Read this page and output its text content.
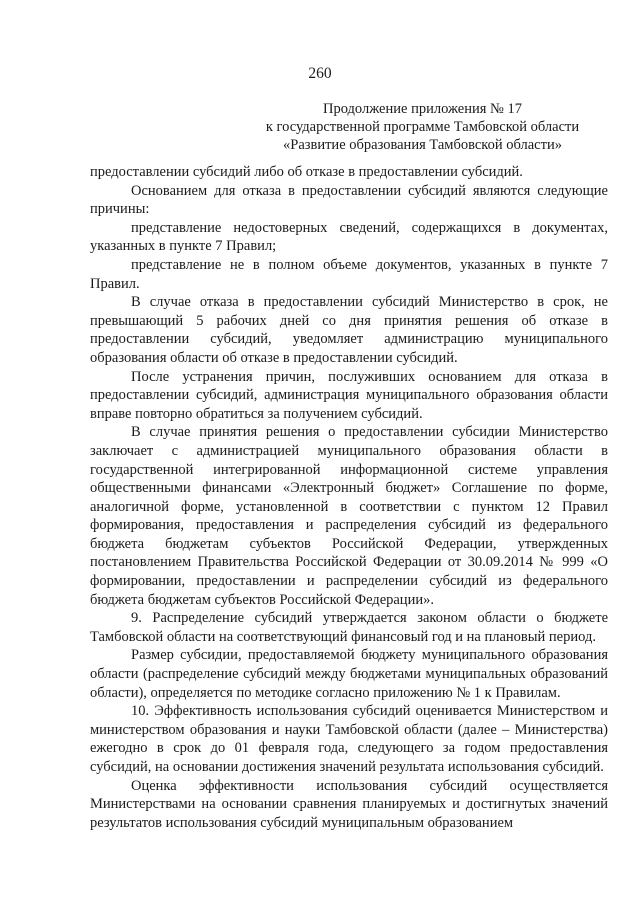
260
Продолжение приложения № 17
к государственной программе Тамбовской области
«Развитие образования Тамбовской области»

предоставлении субсидий либо об отказе в предоставлении субсидий.

Основанием для отказа в предоставлении субсидий являются следующие причины:

представление недостоверных сведений, содержащихся в документах, указанных в пункте 7 Правил;

представление не в полном объеме документов, указанных в пункте 7 Правил.

В случае отказа в предоставлении субсидий Министерство в срок, не превышающий 5 рабочих дней со дня принятия решения об отказе в предоставлении субсидий, уведомляет администрацию муниципального образования области об отказе в предоставлении субсидий.

После устранения причин, послуживших основанием для отказа в предоставлении субсидий, администрация муниципального образования области вправе повторно обратиться за получением субсидий.

В случае принятия решения о предоставлении субсидии Министерство заключает с администрацией муниципального образования области в государственной интегрированной информационной системе управления общественными финансами «Электронный бюджет» Соглашение по форме, аналогичной форме, установленной в соответствии с пунктом 12 Правил формирования, предоставления и распределения субсидий из федерального бюджета бюджетам субъектов Российской Федерации, утвержденных постановлением Правительства Российской Федерации от 30.09.2014 № 999 «О формировании, предоставлении и распределении субсидий из федерального бюджета бюджетам субъектов Российской Федерации».

9. Распределение субсидий утверждается законом области о бюджете Тамбовской области на соответствующий финансовый год и на плановый период.

Размер субсидии, предоставляемой бюджету муниципального образования области (распределение субсидий между бюджетами муниципальных образований области), определяется по методике согласно приложению № 1 к Правилам.

10. Эффективность использования субсидий оценивается Министерством и министерством образования и науки Тамбовской области (далее – Министерства) ежегодно в срок до 01 февраля года, следующего за годом предоставления субсидий, на основании достижения значений результата использования субсидий.

Оценка эффективности использования субсидий осуществляется Министерствами на основании сравнения планируемых и достигнутых значений результатов использования субсидий муниципальным образованием
